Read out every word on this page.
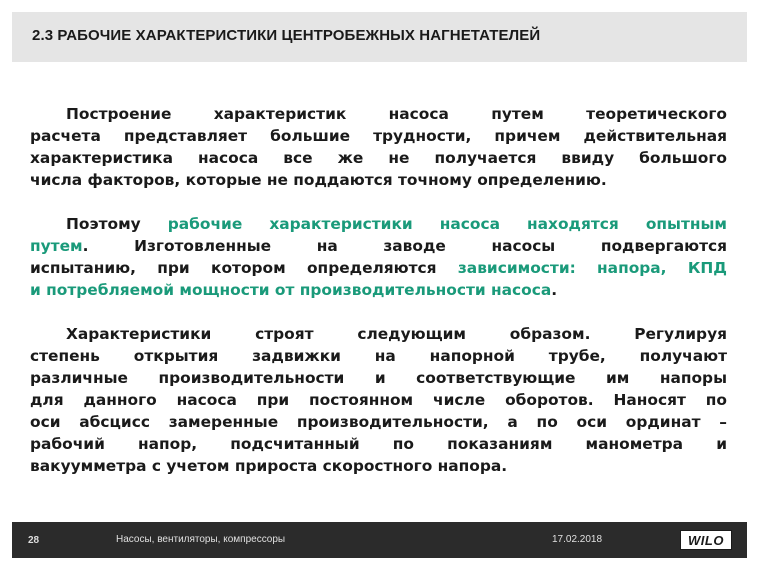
2.3 РАБОЧИЕ ХАРАКТЕРИСТИКИ ЦЕНТРОБЕЖНЫХ НАГНЕТАТЕЛЕЙ

Построение характеристик насоса путем теоретического
расчета представляет большие трудности, причем действительная
характеристика насоса все же не получается ввиду большого
числа факторов, которые не поддаются точному определению.

Поэтому рабочие характеристики насоса находятся опытным
путем. Изготовленные на заводе насосы подвергаются
испытанию, при котором определяются зависимости: напора, КПД
и потребляемой мощности от производительности насоса.

Характеристики строят следующим образом. Регулируя
степень открытия задвижки на напорной трубе, получают
различные производительности и соответствующие им напоры
для данного насоса при постоянном числе оборотов. Наносят по
оси абсцисс замеренные производительности, а по оси ординат –
рабочий напор, подсчитанный по показаниям манометра и
вакуумметра с учетом прироста скоростного напора.

28	Насосы, вентиляторы, компрессоры	17.02.2018	WILO
